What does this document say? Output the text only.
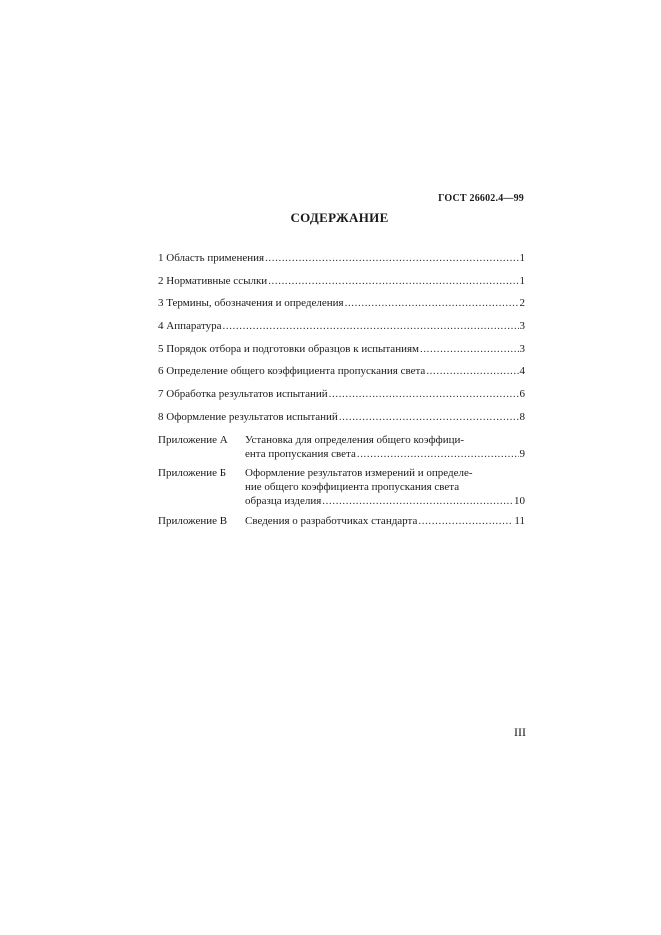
ГОСТ 26602.4—99
СОДЕРЖАНИЕ
1 Область применения .....	1
2 Нормативные ссылки .....	1
3 Термины, обозначения и определения .....	2
4 Аппаратура .....	3
5 Порядок отбора и подготовки образцов к испытаниям .....	3
6 Определение общего коэффициента пропускания света .....	4
7 Обработка результатов испытаний .....	6
8 Оформление результатов испытаний .....	8
Приложение А	Установка для определения общего коэффици-
ента пропускания света .....	9
Приложение Б	Оформление результатов измерений и определе-
ние общего коэффициента пропускания света
образца изделия .....	10
Приложение В	Сведения о разработчиках стандарта .....	11
III
